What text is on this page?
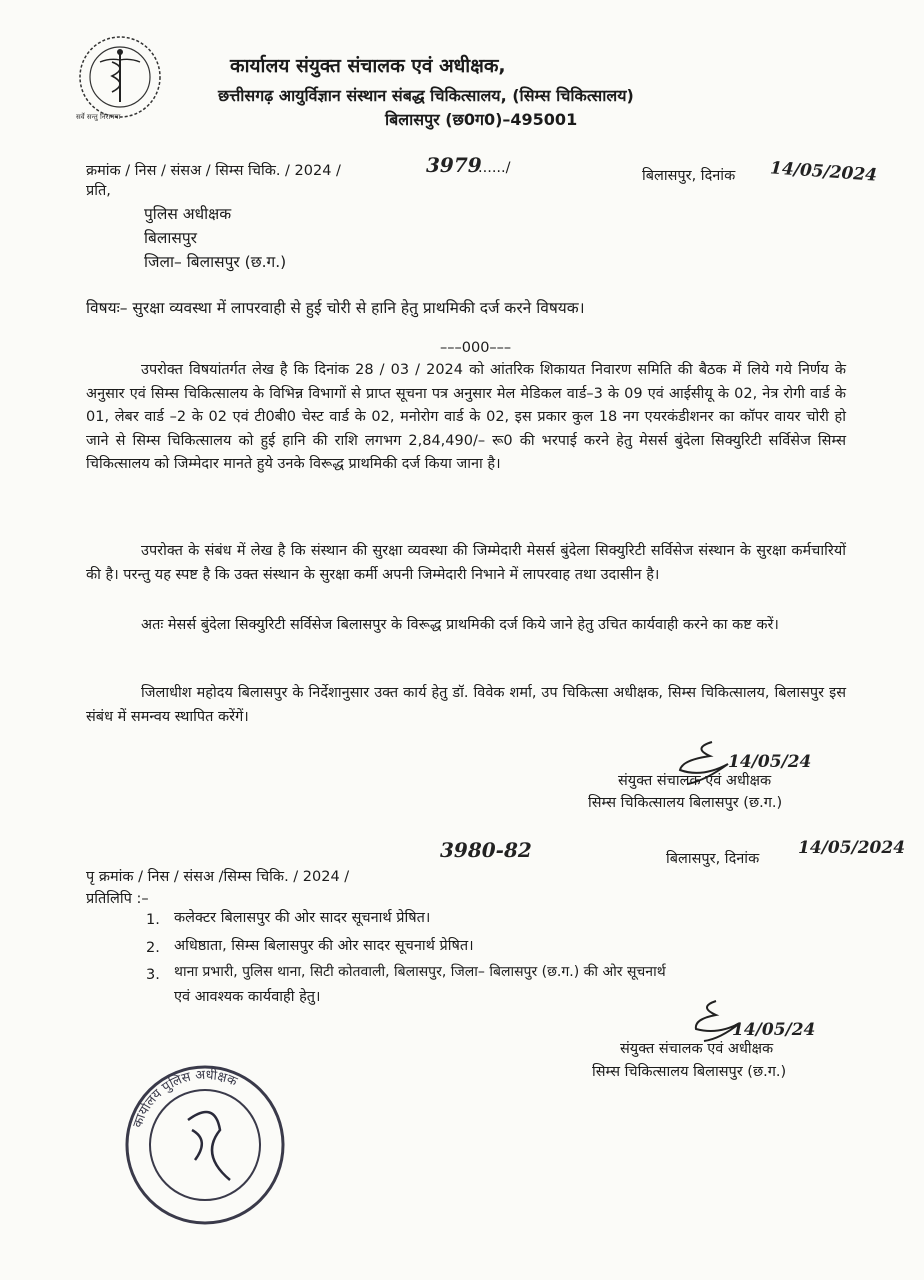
सर्वे सन्तु निरामया
कार्यालय संयुक्त संचालक एवं अधीक्षक,
छत्तीसगढ़ आयुर्विज्ञान संस्थान संबद्ध चिकित्सालय, (सिम्स चिकित्सालय)
बिलासपुर (छ0ग0)–495001
क्रमांक / निस / संसअ / सिम्स चिकि. / 2024 /	3979
....../	बिलासपुर, दिनांक 14/05/2024
प्रति,
पुलिस अधीक्षक
बिलासपुर
जिला– बिलासपुर (छ.ग.)
विषयः– सुरक्षा व्यवस्था में लापरवाही से हुई चोरी से हानि हेतु प्राथमिकी दर्ज करने विषयक।
–––000–––

उपरोक्त विषयांतर्गत लेख है कि दिनांक 28 / 03 / 2024 को आंतरिक शिकायत निवारण समिति की बैठक में लिये गये निर्णय के अनुसार एवं सिम्स चिकित्सालय के विभिन्न विभागों से प्राप्त सूचना पत्र अनुसार मेल मेडिकल वार्ड–3 के 09 एवं आईसीयू के 02, नेत्र रोगी वार्ड के 01, लेबर वार्ड –2 के 02 एवं टी0बी0 चेस्ट वार्ड के 02, मनोरोग वार्ड के 02, इस प्रकार कुल 18 नग एयरकंडीशनर का कॉपर वायर चोरी हो जाने से सिम्स चिकित्सालय को हुई हानि की राशि लगभग 2,84,490/– रू0 की भरपाई करने हेतु मेसर्स बुंदेला सिक्युरिटी सर्विसेज सिम्स चिकित्सालय को जिम्मेदार मानते हुये उनके विरूद्ध प्राथमिकी दर्ज किया जाना है।

उपरोक्त के संबंध में लेख है कि संस्थान की सुरक्षा व्यवस्था की जिम्मेदारी मेसर्स बुंदेला सिक्युरिटी सर्विसेज संस्थान के सुरक्षा कर्मचारियों की है। परन्तु यह स्पष्ट है कि उक्त संस्थान के सुरक्षा कर्मी अपनी जिम्मेदारी निभाने में लापरवाह तथा उदासीन है।

अतः मेसर्स बुंदेला सिक्युरिटी सर्विसेज बिलासपुर के विरूद्ध प्राथमिकी दर्ज किये जाने हेतु उचित कार्यवाही करने का कष्ट करें।

जिलाधीश महोदय बिलासपुर के निर्देशानुसार उक्त कार्य हेतु डॉ. विवेक शर्मा, उप चिकित्सा अधीक्षक, सिम्स चिकित्सालय, बिलासपुर इस संबंध में समन्वय स्थापित करेंगें।

14/05/24
संयुक्त संचालक एवं अधीक्षक
सिम्स चिकित्सालय बिलासपुर (छ.ग.)
पृ क्रमांक / निस / संसअ /सिम्स चिकि. / 2024 /
3980-82	बिलासपुर, दिनांक
14/05/2024
प्रतिलिपि :–
1. कलेक्टर बिलासपुर की ओर सादर सूचनार्थ प्रेषित।
2. अधिष्ठाता, सिम्स बिलासपुर की ओर सादर सूचनार्थ प्रेषित।
3. थाना प्रभारी, पुलिस थाना, सिटी कोतवाली, बिलासपुर, जिला– बिलासपुर (छ.ग.) की ओर सूचनार्थ
एवं आवश्यक कार्यवाही हेतु।
14/05/24
संयुक्त संचालक एवं अधीक्षक
सिम्स चिकित्सालय बिलासपुर (छ.ग.)
कार्यालय पुलिस अधीक्षक
